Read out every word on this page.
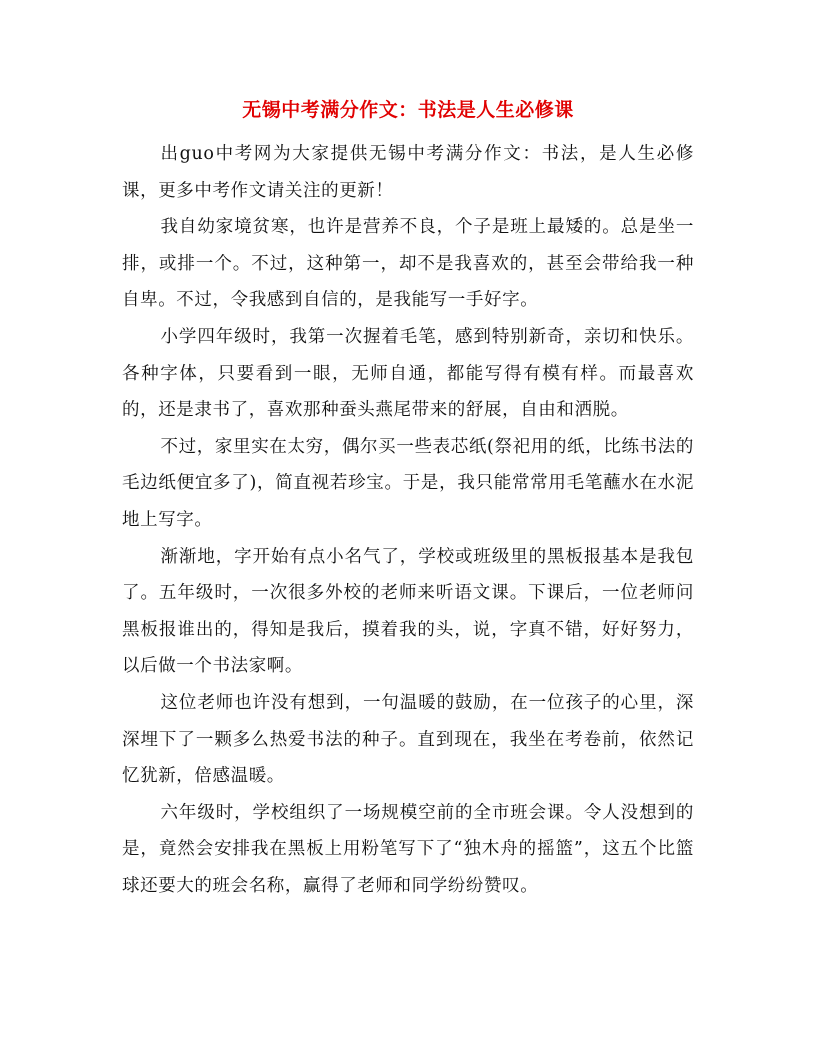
无锡中考满分作文：书法是人生必修课

出guo中考网为大家提供无锡中考满分作文：书法，是人生必修课，更多中考作文请关注的更新！

我自幼家境贫寒，也许是营养不良，个子是班上最矮的。总是坐一排，或排一个。不过，这种第一，却不是我喜欢的，甚至会带给我一种自卑。不过，令我感到自信的，是我能写一手好字。

小学四年级时，我第一次握着毛笔，感到特别新奇，亲切和快乐。各种字体，只要看到一眼，无师自通，都能写得有模有样。而最喜欢的，还是隶书了，喜欢那种蚕头燕尾带来的舒展，自由和洒脱。

不过，家里实在太穷，偶尔买一些表芯纸(祭祀用的纸，比练书法的毛边纸便宜多了)，简直视若珍宝。于是，我只能常常用毛笔蘸水在水泥地上写字。

渐渐地，字开始有点小名气了，学校或班级里的黑板报基本是我包了。五年级时，一次很多外校的老师来听语文课。下课后，一位老师问黑板报谁出的，得知是我后，摸着我的头，说，字真不错，好好努力，以后做一个书法家啊。

这位老师也许没有想到，一句温暖的鼓励，在一位孩子的心里，深深埋下了一颗多么热爱书法的种子。直到现在，我坐在考卷前，依然记忆犹新，倍感温暖。

六年级时，学校组织了一场规模空前的全市班会课。令人没想到的是，竟然会安排我在黑板上用粉笔写下了“独木舟的摇篮”，这五个比篮球还要大的班会名称，赢得了老师和同学纷纷赞叹。
